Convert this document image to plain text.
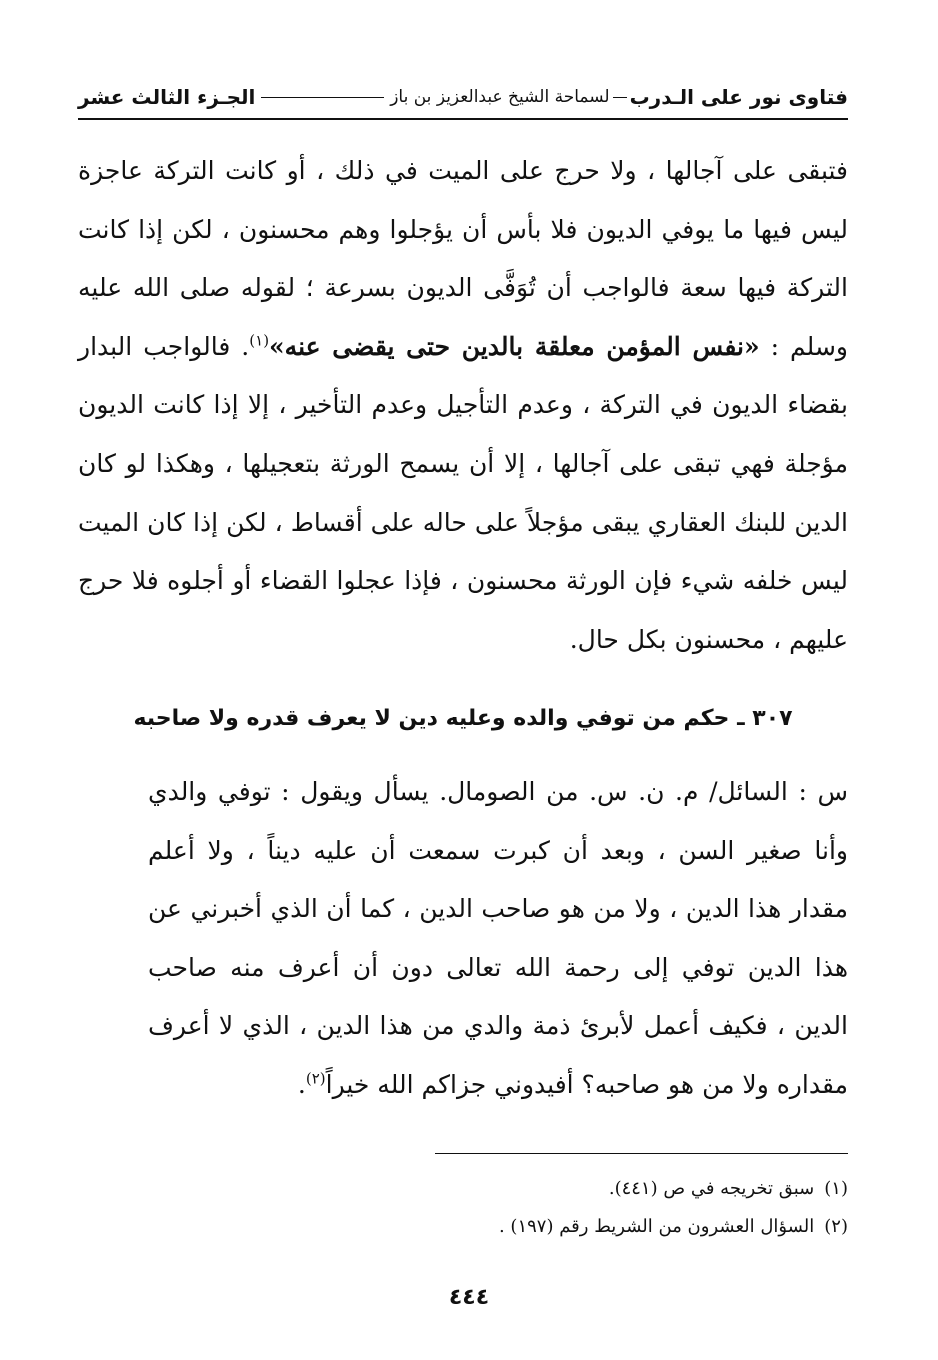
فتاوى نور على الـدرب
لسماحة الشيخ عبدالعزيز بن باز
الجـزء الثالث عشر

فتبقى على آجالها ، ولا حرج على الميت في ذلك ، أو كانت التركة عاجزة ليس فيها ما يوفي الديون فلا بأس أن يؤجلوا وهم محسنون ، لكن إذا كانت التركة فيها سعة فالواجب أن تُوَفَّى الديون بسرعة ؛ لقوله صلى الله عليه وسلم : «نفس المؤمن معلقة بالدين حتى يقضى عنه»$^{(١)}$. فالواجب البدار بقضاء الديون في التركة ، وعدم التأجيل وعدم التأخير ، إلا إذا كانت الديون مؤجلة فهي تبقى على آجالها ، إلا أن يسمح الورثة بتعجيلها ، وهكذا لو كان الدين للبنك العقاري يبقى مؤجلاً على حاله على أقساط ، لكن إذا كان الميت ليس خلفه شيء فإن الورثة محسنون ، فإذا عجلوا القضاء أو أجلوه فلا حرج عليهم ، محسنون بكل حال.

٣٠٧ ـ حكم من توفي والده وعليه دين لا يعرف قدره ولا صاحبه

س : السائل/ م. ن. س. من الصومال. يسأل ويقول : توفي والدي وأنا صغير السن ، وبعد أن كبرت سمعت أن عليه ديناً ، ولا أعلم مقدار هذا الدين ، ولا من هو صاحب الدين ، كما أن الذي أخبرني عن هذا الدين توفي إلى رحمة الله تعالى دون أن أعرف منه صاحب الدين ، فكيف أعمل لأبرئ ذمة والدي من هذا الدين ، الذي لا أعرف مقداره ولا من هو صاحبه؟ أفيدوني جزاكم الله خيراً$^{(٢)}$.

(١)سبق تخريجه في ص (٤٤١).
(٢)السؤال العشرون من الشريط رقم (١٩٧) .
٤٤٤
